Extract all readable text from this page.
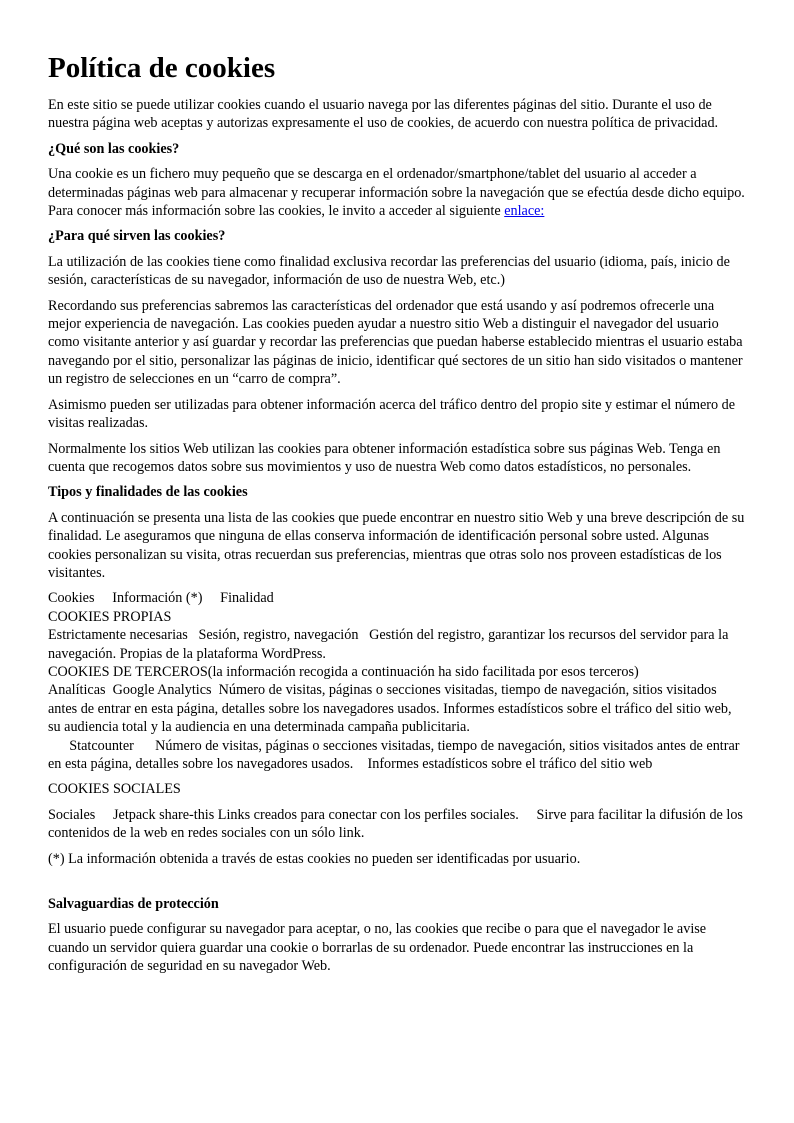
Política de cookies

En este sitio se puede utilizar cookies cuando el usuario navega por las diferentes páginas del sitio. Durante el uso de nuestra página web aceptas y autorizas expresamente el uso de cookies, de acuerdo con nuestra política de privacidad.

¿Qué son las cookies?

Una cookie es un fichero muy pequeño que se descarga en el ordenador/smartphone/tablet del usuario al acceder a determinadas páginas web para almacenar y recuperar información sobre la navegación que se efectúa desde dicho equipo. Para conocer más información sobre las cookies, le invito a acceder al siguiente enlace:

¿Para qué sirven las cookies?

La utilización de las cookies tiene como finalidad exclusiva recordar las preferencias del usuario (idioma, país, inicio de sesión, características de su navegador, información de uso de nuestra Web, etc.)

Recordando sus preferencias sabremos las características del ordenador que está usando y así podremos ofrecerle una mejor experiencia de navegación. Las cookies pueden ayudar a nuestro sitio Web a distinguir el navegador del usuario como visitante anterior y así guardar y recordar las preferencias que puedan haberse establecido mientras el usuario estaba navegando por el sitio, personalizar las páginas de inicio, identificar qué sectores de un sitio han sido visitados o mantener un registro de selecciones en un “carro de compra”.

Asimismo pueden ser utilizadas para obtener información acerca del tráfico dentro del propio site y estimar el número de visitas realizadas.

Normalmente los sitios Web utilizan las cookies para obtener información estadística sobre sus páginas Web. Tenga en cuenta que recogemos datos sobre sus movimientos y uso de nuestra Web como datos estadísticos, no personales.

Tipos y finalidades de las cookies

A continuación se presenta una lista de las cookies que puede encontrar en nuestro sitio Web y una breve descripción de su finalidad. Le aseguramos que ninguna de ellas conserva información de identificación personal sobre usted. Algunas cookies personalizan su visita, otras recuerdan sus preferencias, mientras que otras solo nos proveen estadísticas de los visitantes.

Cookies     Información (*)     Finalidad

COOKIES PROPIAS

Estrictamente necesarias   Sesión, registro, navegación   Gestión del registro, garantizar los recursos del servidor para la navegación. Propias de la plataforma WordPress.

COOKIES DE TERCEROS(la información recogida a continuación ha sido facilitada por esos terceros)

Analíticas  Google Analytics  Número de visitas, páginas o secciones visitadas, tiempo de navegación, sitios visitados antes de entrar en esta página, detalles sobre los navegadores usados. Informes estadísticos sobre el tráfico del sitio web, su audiencia total y la audiencia en una determinada campaña publicitaria.

Statcounter      Número de visitas, páginas o secciones visitadas, tiempo de navegación, sitios visitados antes de entrar en esta página, detalles sobre los navegadores usados.    Informes estadísticos sobre el tráfico del sitio web

COOKIES SOCIALES

Sociales     Jetpack share-this Links creados para conectar con los perfiles sociales.     Sirve para facilitar la difusión de los contenidos de la web en redes sociales con un sólo link.

(*) La información obtenida a través de estas cookies no pueden ser identificadas por usuario.

Salvaguardias de protección

El usuario puede configurar su navegador para aceptar, o no, las cookies que recibe o para que el navegador le avise cuando un servidor quiera guardar una cookie o borrarlas de su ordenador. Puede encontrar las instrucciones en la configuración de seguridad en su navegador Web.
